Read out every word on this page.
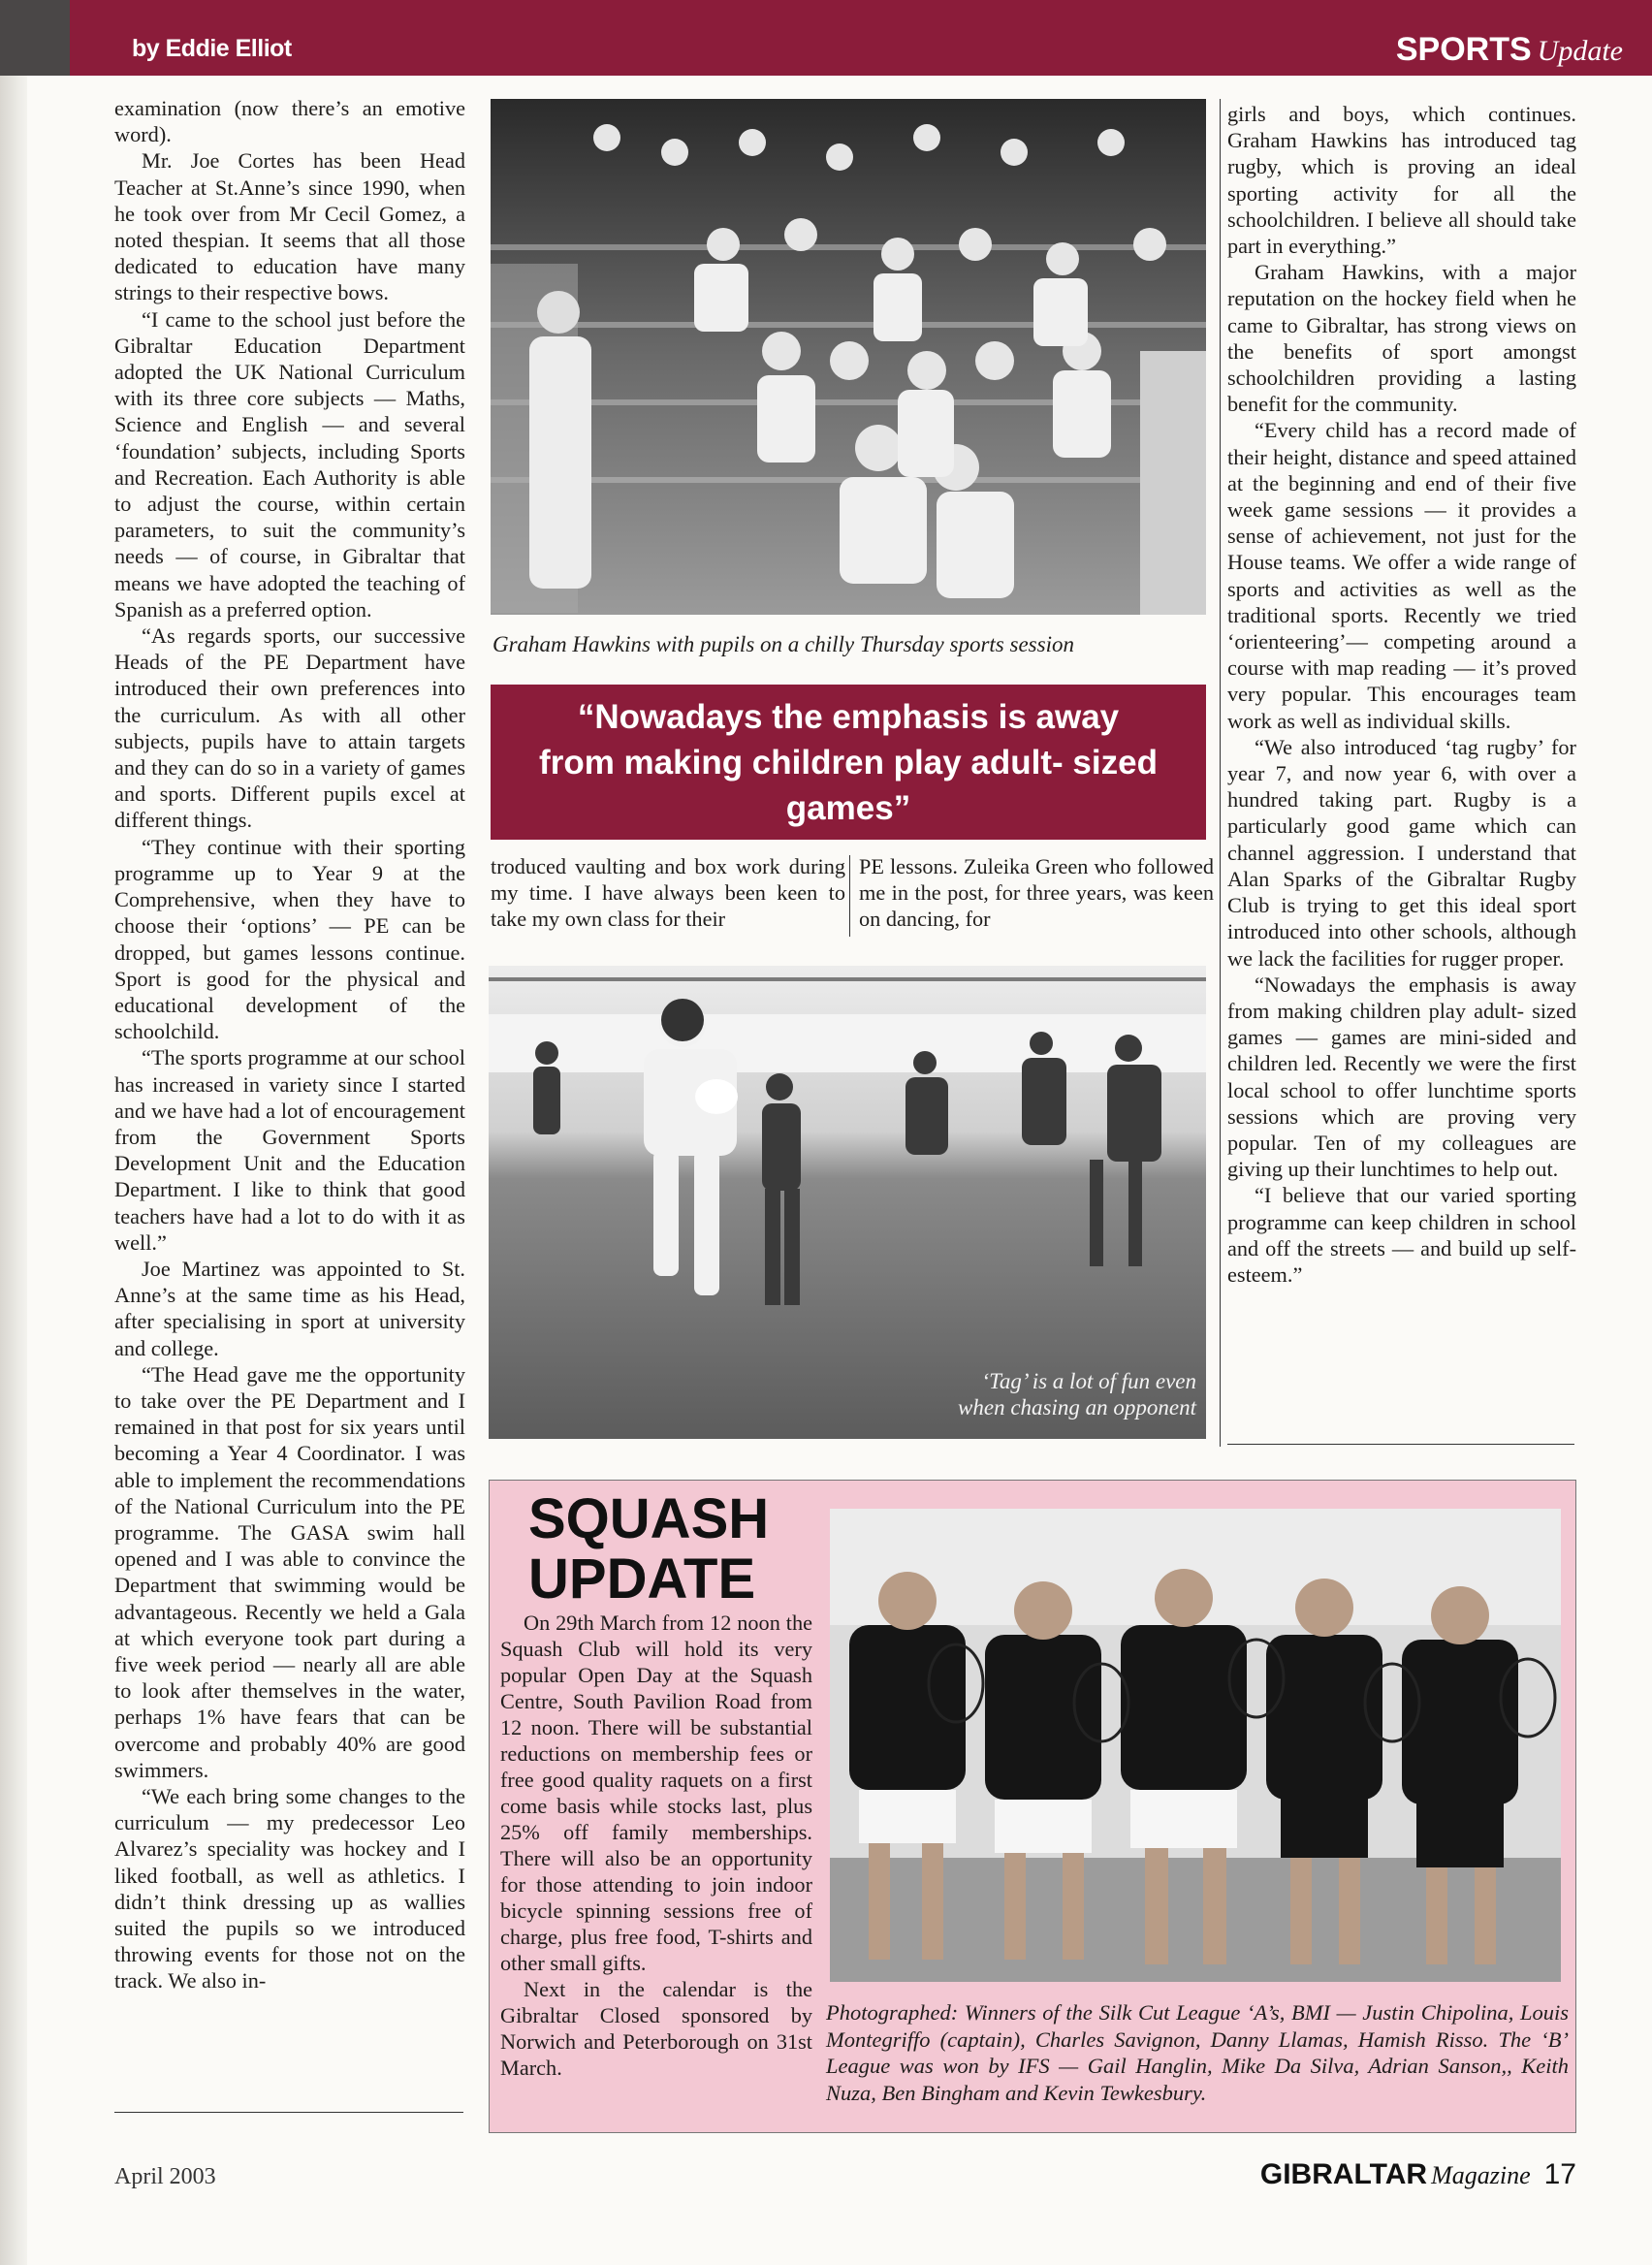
by Eddie Elliot	SPORTS Update

examination (now there’s an emotive word).

Mr. Joe Cortes has been Head Teacher at St.Anne’s since 1990, when he took over from Mr Cecil Gomez, a noted thespian. It seems that all those dedicated to education have many strings to their respective bows.

“I came to the school just before the Gibraltar Education Department adopted the UK National Curriculum with its three core subjects — Maths, Science and English — and several ‘foundation’ subjects, including Sports and Recreation. Each Authority is able to adjust the course, within certain parameters, to suit the community’s needs — of course, in Gibraltar that means we have adopted the teaching of Spanish as a preferred option.

“As regards sports, our successive Heads of the PE Department have introduced their own preferences into the curriculum. As with all other subjects, pupils have to attain targets and they can do so in a variety of games and sports. Different pupils excel at different things.

“They continue with their sporting programme up to Year 9 at the Comprehensive, when they have to choose their ‘options’ — PE can be dropped, but games lessons continue. Sport is good for the physical and educational development of the schoolchild.

“The sports programme at our school has increased in variety since I started and we have had a lot of encouragement from the Government Sports Development Unit and the Education Department. I like to think that good teachers have had a lot to do with it as well.”

Joe Martinez was appointed to St. Anne’s at the same time as his Head, after specialising in sport at university and college.

“The Head gave me the opportunity to take over the PE Department and I remained in that post for six years until becoming a Year 4 Coordinator. I was able to implement the recommendations of the National Curriculum into the PE programme. The GASA swim hall opened and I was able to convince the Department that swimming would be advantageous. Recently we held a Gala at which everyone took part during a five week period — nearly all are able to look after themselves in the water, perhaps 1% have fears that can be overcome and probably 40% are good swimmers.

“We each bring some changes to the curriculum — my predecessor Leo Alvarez’s speciality was hockey and I liked football, as well as athletics. I didn’t think dressing up as wallies suited the pupils so we introduced throwing events for those not on the track. We also in-

Graham Hawkins with pupils on a chilly Thursday sports session
“Nowadays the emphasis is away from making children play adult- sized games”
troduced vaulting and box work during my time. I have always been keen to take my own class for their
PE lessons. Zuleika Green who followed me in the post, for three years, was keen on dancing, for
‘Tag’ is a lot of fun even
when chasing an opponent

girls and boys, which continues. Graham Hawkins has introduced tag rugby, which is proving an ideal sporting activity for all the schoolchildren. I believe all should take part in everything.”

Graham Hawkins, with a major reputation on the hockey field when he came to Gibraltar, has strong views on the benefits of sport amongst schoolchildren providing a lasting benefit for the community.

“Every child has a record made of their height, distance and speed attained at the beginning and end of their five week game sessions — it provides a sense of achievement, not just for the House teams. We offer a wide range of sports and activities as well as the traditional sports. Recently we tried ‘orienteering’— competing around a course with map reading — it’s proved very popular. This encourages team work as well as individual skills.

“We also introduced ‘tag rugby’ for year 7, and now year 6, with over a hundred taking part. Rugby is a particularly good game which can channel aggression. I understand that Alan Sparks of the Gibraltar Rugby Club is trying to get this ideal sport introduced into other schools, although we lack the facilities for rugger proper.

“Nowadays the emphasis is away from making children play adult- sized games — games are mini-sided and children led. Recently we were the first local school to offer lunchtime sports sessions which are proving very popular. Ten of my colleagues are giving up their lunchtimes to help out.

“I believe that our varied sporting programme can keep children in school and off the streets — and build up self-esteem.”

SQUASH
UPDATE

On 29th March from 12 noon the Squash Club will hold its very popular Open Day at the Squash Centre, South Pavilion Road from 12 noon. There will be substantial reductions on membership fees or free good quality raquets on a first come basis while stocks last, plus 25% off family memberships. There will also be an opportunity for those attending to join indoor bicycle spinning sessions free of charge, plus free food, T-shirts and other small gifts.

Next in the calendar is the Gibraltar Closed sponsored by Norwich and Peterborough on 31st March.

Photographed: Winners of the Silk Cut League ‘A’s, BMI — Justin Chipolina, Louis Montegriffo (captain), Charles Savignon, Danny Llamas, Hamish Risso. The ‘B’ League was won by IFS — Gail Hanglin, Mike Da Silva, Adrian Sanson,, Keith Nuza, Ben Bingham and Kevin Tewkesbury.
April 2003	GIBRALTAR Magazine 17
